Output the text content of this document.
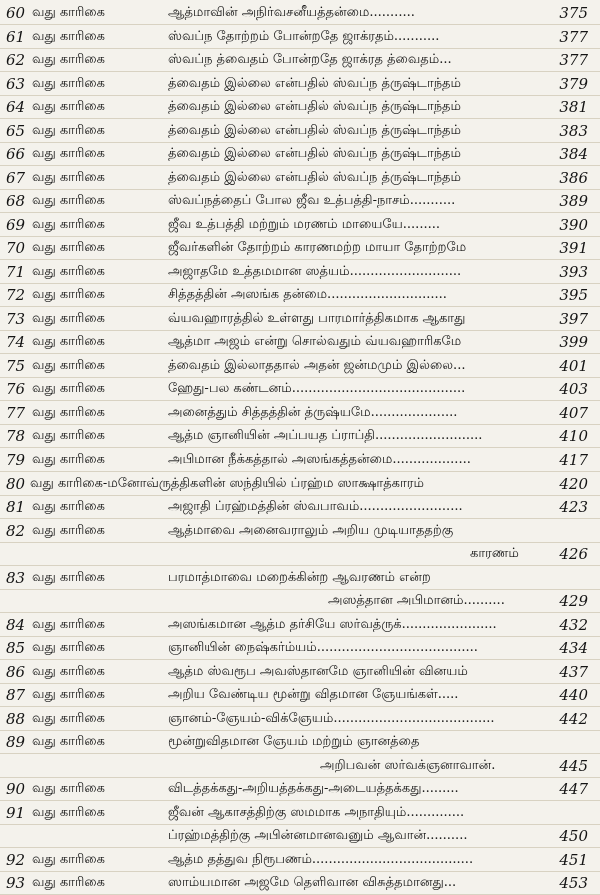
60 வது காரிகை	ஆத்மாவின் அநிர்வசனீயத்தன்மை...........	375
61 வது காரிகை	ஸ்வப்ந தோற்றம் போன்றதே ஜாக்ரதம்...........	377
62 வது காரிகை	ஸ்வப்ந த்வைதம் போன்றதே ஜாக்ரத த்வைதம்...	377
63 வது காரிகை	த்வைதம் இல்லை என்பதில் ஸ்வப்ந த்ருஷ்டாந்தம்	379
64 வது காரிகை	த்வைதம் இல்லை என்பதில் ஸ்வப்ந த்ருஷ்டாந்தம்	381
65 வது காரிகை	த்வைதம் இல்லை என்பதில் ஸ்வப்ந த்ருஷ்டாந்தம்	383
66 வது காரிகை	த்வைதம் இல்லை என்பதில் ஸ்வப்ந த்ருஷ்டாந்தம்	384
67 வது காரிகை	த்வைதம் இல்லை என்பதில் ஸ்வப்ந த்ருஷ்டாந்தம்	386
68 வது காரிகை	ஸ்வப்நத்தைப் போல ஜீவ உத்பத்தி-நாசம்...........	389
69 வது காரிகை	ஜீவ உத்பத்தி மற்றும் மரணம் மாயையே.........	390
70 வது காரிகை	ஜீவர்களின் தோற்றம் காரணமற்ற மாயா தோற்றமே	391
71 வது காரிகை	அஜாதமே உத்தமமான ஸத்யம்...........................	393
72 வது காரிகை	சித்தத்தின் அஸங்க தன்மை.............................	395
73 வது காரிகை	வ்யவஹாரத்தில் உள்ளது பாரமார்த்திகமாக ஆகாது	397
74 வது காரிகை	ஆத்மா அஜம் என்று சொல்வதும் வ்யவஹாரிகமே	399
75 வது காரிகை	த்வைதம் இல்லாததால் அதன் ஜன்மமும் இல்லை...	401
76 வது காரிகை	ஹேது-பல கண்டனம்..........................................	403
77 வது காரிகை	அனைத்தும் சித்தத்தின் த்ருஷ்யமே.....................	407
78 வது காரிகை	ஆத்ம ஞானியின் அப்பயத ப்ராப்தி..........................	410
79 வது காரிகை	அபிமான நீக்கத்தால் அஸங்கத்தன்மை...................	417
80 வது காரிகை-மனோவ்ருத்திகளின் ஸந்தியில் ப்ரஹ்ம ஸாக்ஷாத்காரம்	420
81 வது காரிகை	அஜாதி ப்ரஹ்மத்தின் ஸ்வபாவம்.........................	423
82 வது காரிகை	ஆத்மாவை அனைவராலும் அறிய முடியாததற்கு
காரணம்	426
83 வது காரிகை	பரமாத்மாவை மறைக்கின்ற ஆவரணம் என்ற
அஸத்தான அபிமானம்..........	429
84 வது காரிகை	அஸங்கமான ஆத்ம தர்சியே ஸர்வத்ருக்.......................	432
85 வது காரிகை	ஞானியின் நைஷ்கர்ம்யம்.......................................	434
86 வது காரிகை	ஆத்ம ஸ்வரூப அவஸ்தானமே ஞானியின் வினயம்	437
87 வது காரிகை	அறிய வேண்டிய மூன்று விதமான ஞேயங்கள்.....	440
88 வது காரிகை	ஞானம்-ஞேயம்-விக்ஞேயம்.......................................	442
89 வது காரிகை	மூன்றுவிதமான ஞேயம் மற்றும் ஞானத்தை
அறிபவன் ஸர்வக்ஞனாவான்.	445
90 வது காரிகை	விடத்தக்கது-அறியத்தக்கது-அடையத்தக்கது.........	447
91 வது காரிகை	ஜீவன் ஆகாசத்திற்கு ஸமமாக அநாதியும்..............
ப்ரஹ்மத்திற்கு அபின்னமானவனும் ஆவான்..........	450
92 வது காரிகை	ஆத்ம தத்துவ நிரூபணம்.......................................	451
93 வது காரிகை	ஸாம்யமான அஜமே தெளிவான விசுத்தமானது...	453
